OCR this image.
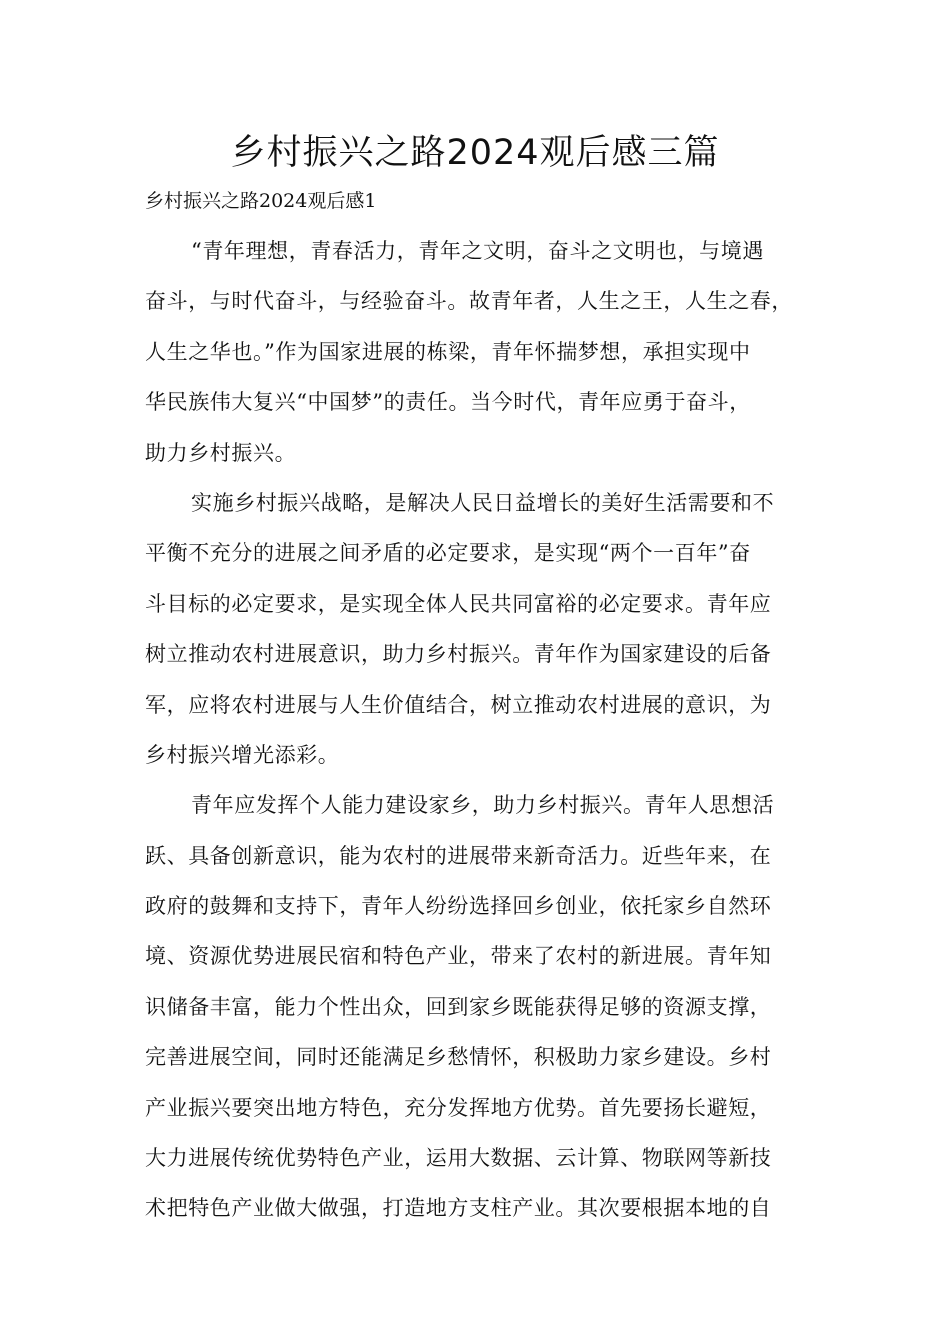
乡村振兴之路2024观后感三篇

乡村振兴之路2024观后感1

“青年理想，青春活力，青年之文明，奋斗之文明也，与境遇
奋斗，与时代奋斗，与经验奋斗。故青年者，人生之王，人生之春，
人生之华也。”作为国家进展的栋梁，青年怀揣梦想，承担实现中
华民族伟大复兴“中国梦”的责任。当今时代，青年应勇于奋斗，
助力乡村振兴。
实施乡村振兴战略，是解决人民日益增长的美好生活需要和不
平衡不充分的进展之间矛盾的必定要求，是实现“两个一百年”奋
斗目标的必定要求，是实现全体人民共同富裕的必定要求。青年应
树立推动农村进展意识，助力乡村振兴。青年作为国家建设的后备
军，应将农村进展与人生价值结合，树立推动农村进展的意识，为
乡村振兴增光添彩。
青年应发挥个人能力建设家乡，助力乡村振兴。青年人思想活
跃、具备创新意识，能为农村的进展带来新奇活力。近些年来，在
政府的鼓舞和支持下，青年人纷纷选择回乡创业，依托家乡自然环
境、资源优势进展民宿和特色产业，带来了农村的新进展。青年知
识储备丰富，能力个性出众，回到家乡既能获得足够的资源支撑，
完善进展空间，同时还能满足乡愁情怀，积极助力家乡建设。乡村
产业振兴要突出地方特色，充分发挥地方优势。首先要扬长避短，
大力进展传统优势特色产业，运用大数据、云计算、物联网等新技
术把特色产业做大做强，打造地方支柱产业。其次要根据本地的自
